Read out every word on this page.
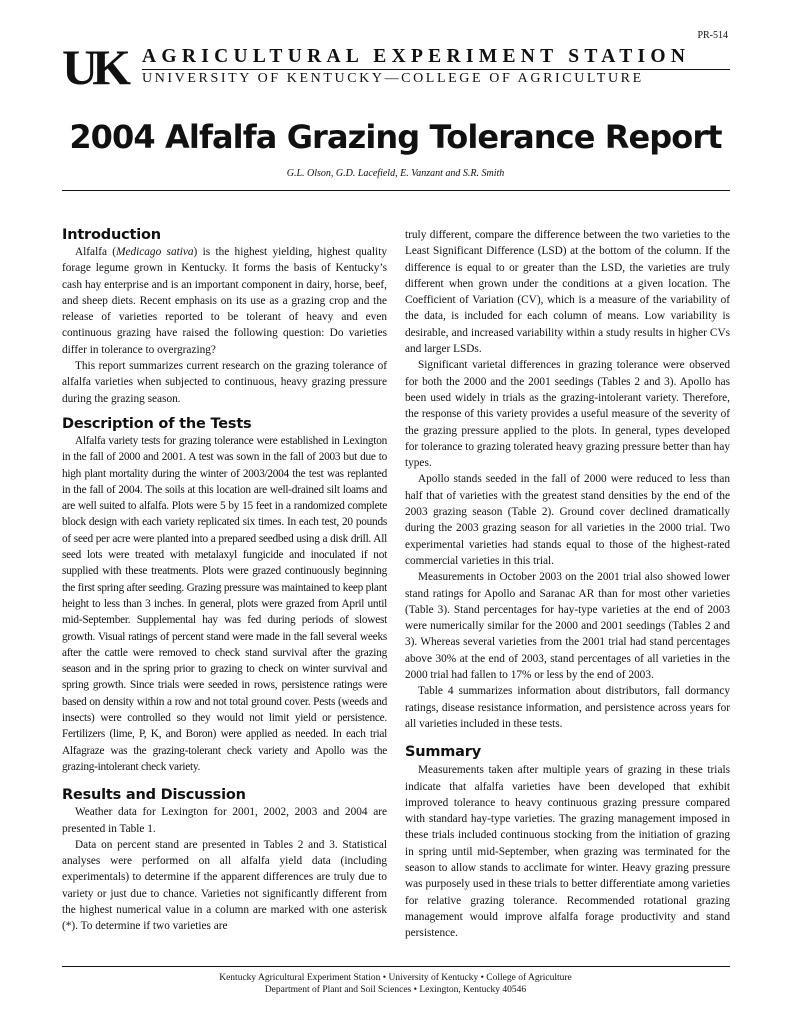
PR-514
UK AGRICULTURAL EXPERIMENT STATION
UNIVERSITY OF KENTUCKY—COLLEGE OF AGRICULTURE
2004 Alfalfa Grazing Tolerance Report
G.L. Olson, G.D. Lacefield, E. Vanzant and S.R. Smith
Introduction

Alfalfa (Medicago sativa) is the highest yielding, highest quality forage legume grown in Kentucky. It forms the basis of Kentucky’s cash hay enterprise and is an important component in dairy, horse, beef, and sheep diets. Recent emphasis on its use as a grazing crop and the release of varieties reported to be tolerant of heavy and even continuous grazing have raised the following question: Do varieties differ in tolerance to overgrazing?

This report summarizes current research on the grazing tolerance of alfalfa varieties when subjected to continuous, heavy grazing pressure during the grazing season.

Description of the Tests

Alfalfa variety tests for grazing tolerance were established in Lexington in the fall of 2000 and 2001. A test was sown in the fall of 2003 but due to high plant mortality during the winter of 2003/2004 the test was replanted in the fall of 2004. The soils at this location are well-drained silt loams and are well suited to alfalfa. Plots were 5 by 15 feet in a randomized complete block design with each variety replicated six times. In each test, 20 pounds of seed per acre were planted into a prepared seedbed using a disk drill. All seed lots were treated with metalaxyl fungicide and inoculated if not supplied with these treatments. Plots were grazed continuously beginning the first spring after seeding. Grazing pressure was maintained to keep plant height to less than 3 inches. In general, plots were grazed from April until mid-September. Supplemental hay was fed during periods of slowest growth. Visual ratings of percent stand were made in the fall several weeks after the cattle were removed to check stand survival after the grazing season and in the spring prior to grazing to check on winter survival and spring growth. Since trials were seeded in rows, persistence ratings were based on density within a row and not total ground cover. Pests (weeds and insects) were controlled so they would not limit yield or persistence. Fertilizers (lime, P, K, and Boron) were applied as needed. In each trial Alfagraze was the grazing-tolerant check variety and Apollo was the grazing-intolerant check variety.

Results and Discussion

Weather data for Lexington for 2001, 2002, 2003 and 2004 are presented in Table 1.

Data on percent stand are presented in Tables 2 and 3. Statistical analyses were performed on all alfalfa yield data (including experimentals) to determine if the apparent differences are truly due to variety or just due to chance. Varieties not significantly different from the highest numerical value in a column are marked with one asterisk (*). To determine if two varieties are

truly different, compare the difference between the two varieties to the Least Significant Difference (LSD) at the bottom of the column. If the difference is equal to or greater than the LSD, the varieties are truly different when grown under the conditions at a given location. The Coefficient of Variation (CV), which is a measure of the variability of the data, is included for each column of means. Low variability is desirable, and increased variability within a study results in higher CVs and larger LSDs.

Significant varietal differences in grazing tolerance were observed for both the 2000 and the 2001 seedings (Tables 2 and 3). Apollo has been used widely in trials as the grazing-intolerant variety. Therefore, the response of this variety provides a useful measure of the severity of the grazing pressure applied to the plots. In general, types developed for tolerance to grazing tolerated heavy grazing pressure better than hay types.

Apollo stands seeded in the fall of 2000 were reduced to less than half that of varieties with the greatest stand densities by the end of the 2003 grazing season (Table 2). Ground cover declined dramatically during the 2003 grazing season for all varieties in the 2000 trial. Two experimental varieties had stands equal to those of the highest-rated commercial varieties in this trial.

Measurements in October 2003 on the 2001 trial also showed lower stand ratings for Apollo and Saranac AR than for most other varieties (Table 3). Stand percentages for hay-type varieties at the end of 2003 were numerically similar for the 2000 and 2001 seedings (Tables 2 and 3). Whereas several varieties from the 2001 trial had stand percentages above 30% at the end of 2003, stand percentages of all varieties in the 2000 trial had fallen to 17% or less by the end of 2003.

Table 4 summarizes information about distributors, fall dormancy ratings, disease resistance information, and persistence across years for all varieties included in these tests.

Summary

Measurements taken after multiple years of grazing in these trials indicate that alfalfa varieties have been developed that exhibit improved tolerance to heavy continuous grazing pressure compared with standard hay-type varieties. The grazing management imposed in these trials included continuous stocking from the initiation of grazing in spring until mid-September, when grazing was terminated for the season to allow stands to acclimate for winter. Heavy grazing pressure was purposely used in these trials to better differentiate among varieties for relative grazing tolerance. Recommended rotational grazing management would improve alfalfa forage productivity and stand persistence.

Kentucky Agricultural Experiment Station • University of Kentucky • College of Agriculture
Department of Plant and Soil Sciences • Lexington, Kentucky 40546
